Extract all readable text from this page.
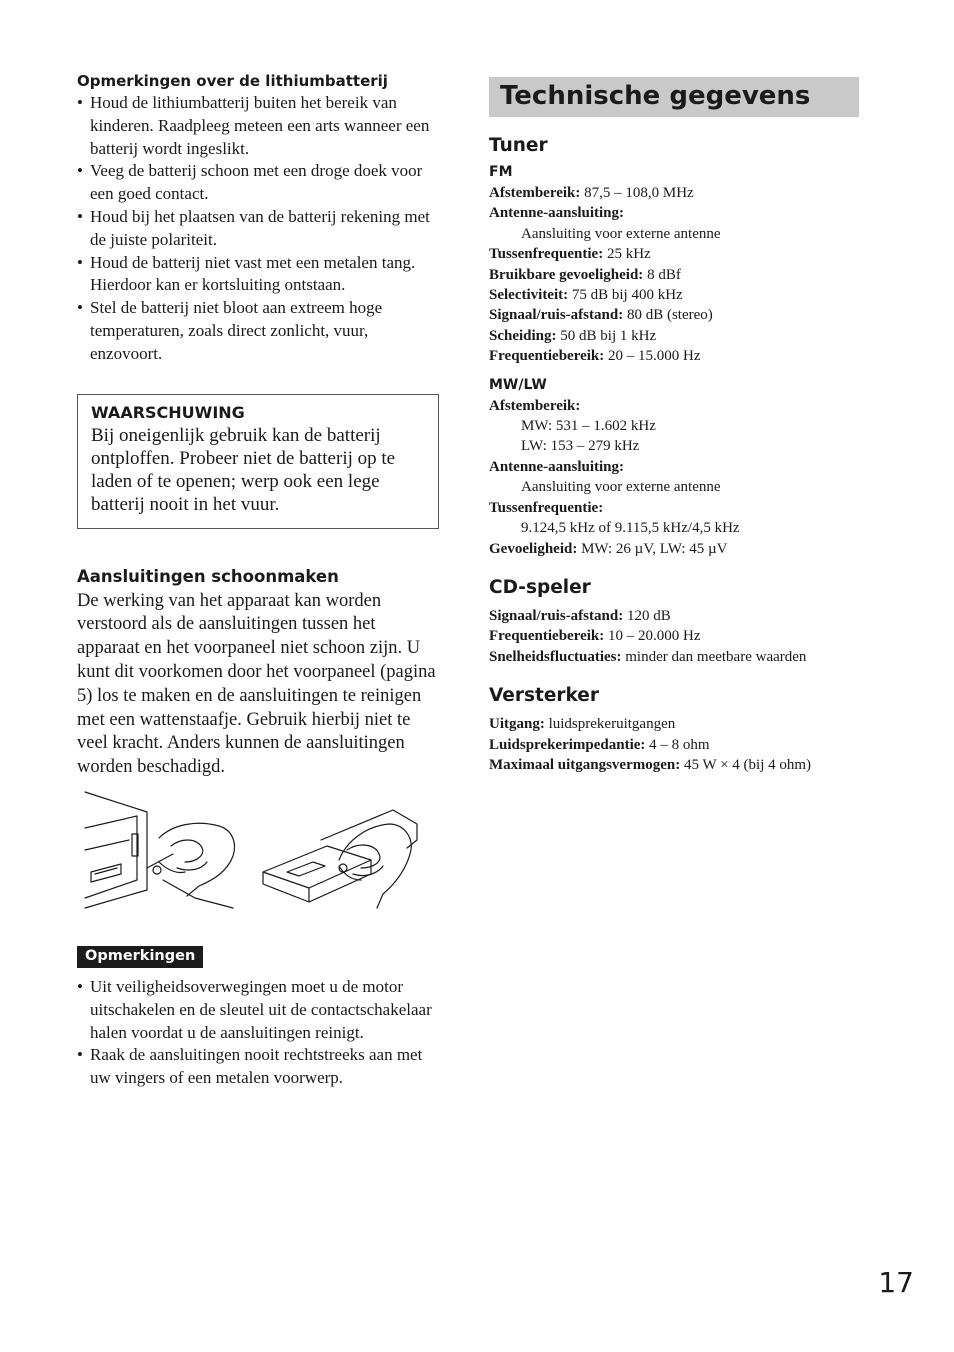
Opmerkingen over de lithiumbatterij
• Houd de lithiumbatterij buiten het bereik van kinderen. Raadpleeg meteen een arts wanneer een batterij wordt ingeslikt.
• Veeg de batterij schoon met een droge doek voor een goed contact.
• Houd bij het plaatsen van de batterij rekening met de juiste polariteit.
• Houd de batterij niet vast met een metalen tang. Hierdoor kan er kortsluiting ontstaan.
• Stel de batterij niet bloot aan extreem hoge temperaturen, zoals direct zonlicht, vuur, enzovoort.
WAARSCHUWING
Bij oneigenlijk gebruik kan de batterij ontploffen. Probeer niet de batterij op te laden of te openen; werp ook een lege batterij nooit in het vuur.
Aansluitingen schoonmaken
De werking van het apparaat kan worden verstoord als de aansluitingen tussen het apparaat en het voorpaneel niet schoon zijn. U kunt dit voorkomen door het voorpaneel (pagina 5) los te maken en de aansluitingen te reinigen met een wattenstaafje. Gebruik hierbij niet te veel kracht. Anders kunnen de aansluitingen worden beschadigd.
Opmerkingen
• Uit veiligheidsoverwegingen moet u de motor uitschakelen en de sleutel uit de contactschakelaar halen voordat u de aansluitingen reinigt.
• Raak de aansluitingen nooit rechtstreeks aan met uw vingers of een metalen voorwerp.
Technische gegevens
Tuner
FM
Afstembereik: 87,5 – 108,0 MHz
Antenne-aansluiting:
Aansluiting voor externe antenne
Tussenfrequentie: 25 kHz
Bruikbare gevoeligheid: 8 dBf
Selectiviteit: 75 dB bij 400 kHz
Signaal/ruis-afstand: 80 dB (stereo)
Scheiding: 50 dB bij 1 kHz
Frequentiebereik: 20 – 15.000 Hz
MW/LW
Afstembereik:
MW: 531 – 1.602 kHz
LW: 153 – 279 kHz
Antenne-aansluiting:
Aansluiting voor externe antenne
Tussenfrequentie:
9.124,5 kHz of 9.115,5 kHz/4,5 kHz
Gevoeligheid: MW: 26 µV, LW: 45 µV
CD-speler
Signaal/ruis-afstand: 120 dB
Frequentiebereik: 10 – 20.000 Hz
Snelheidsfluctuaties: minder dan meetbare waarden
Versterker
Uitgang: luidsprekeruitgangen
Luidsprekerimpedantie: 4 – 8 ohm
Maximaal uitgangsvermogen: 45 W × 4 (bij 4 ohm)
17
